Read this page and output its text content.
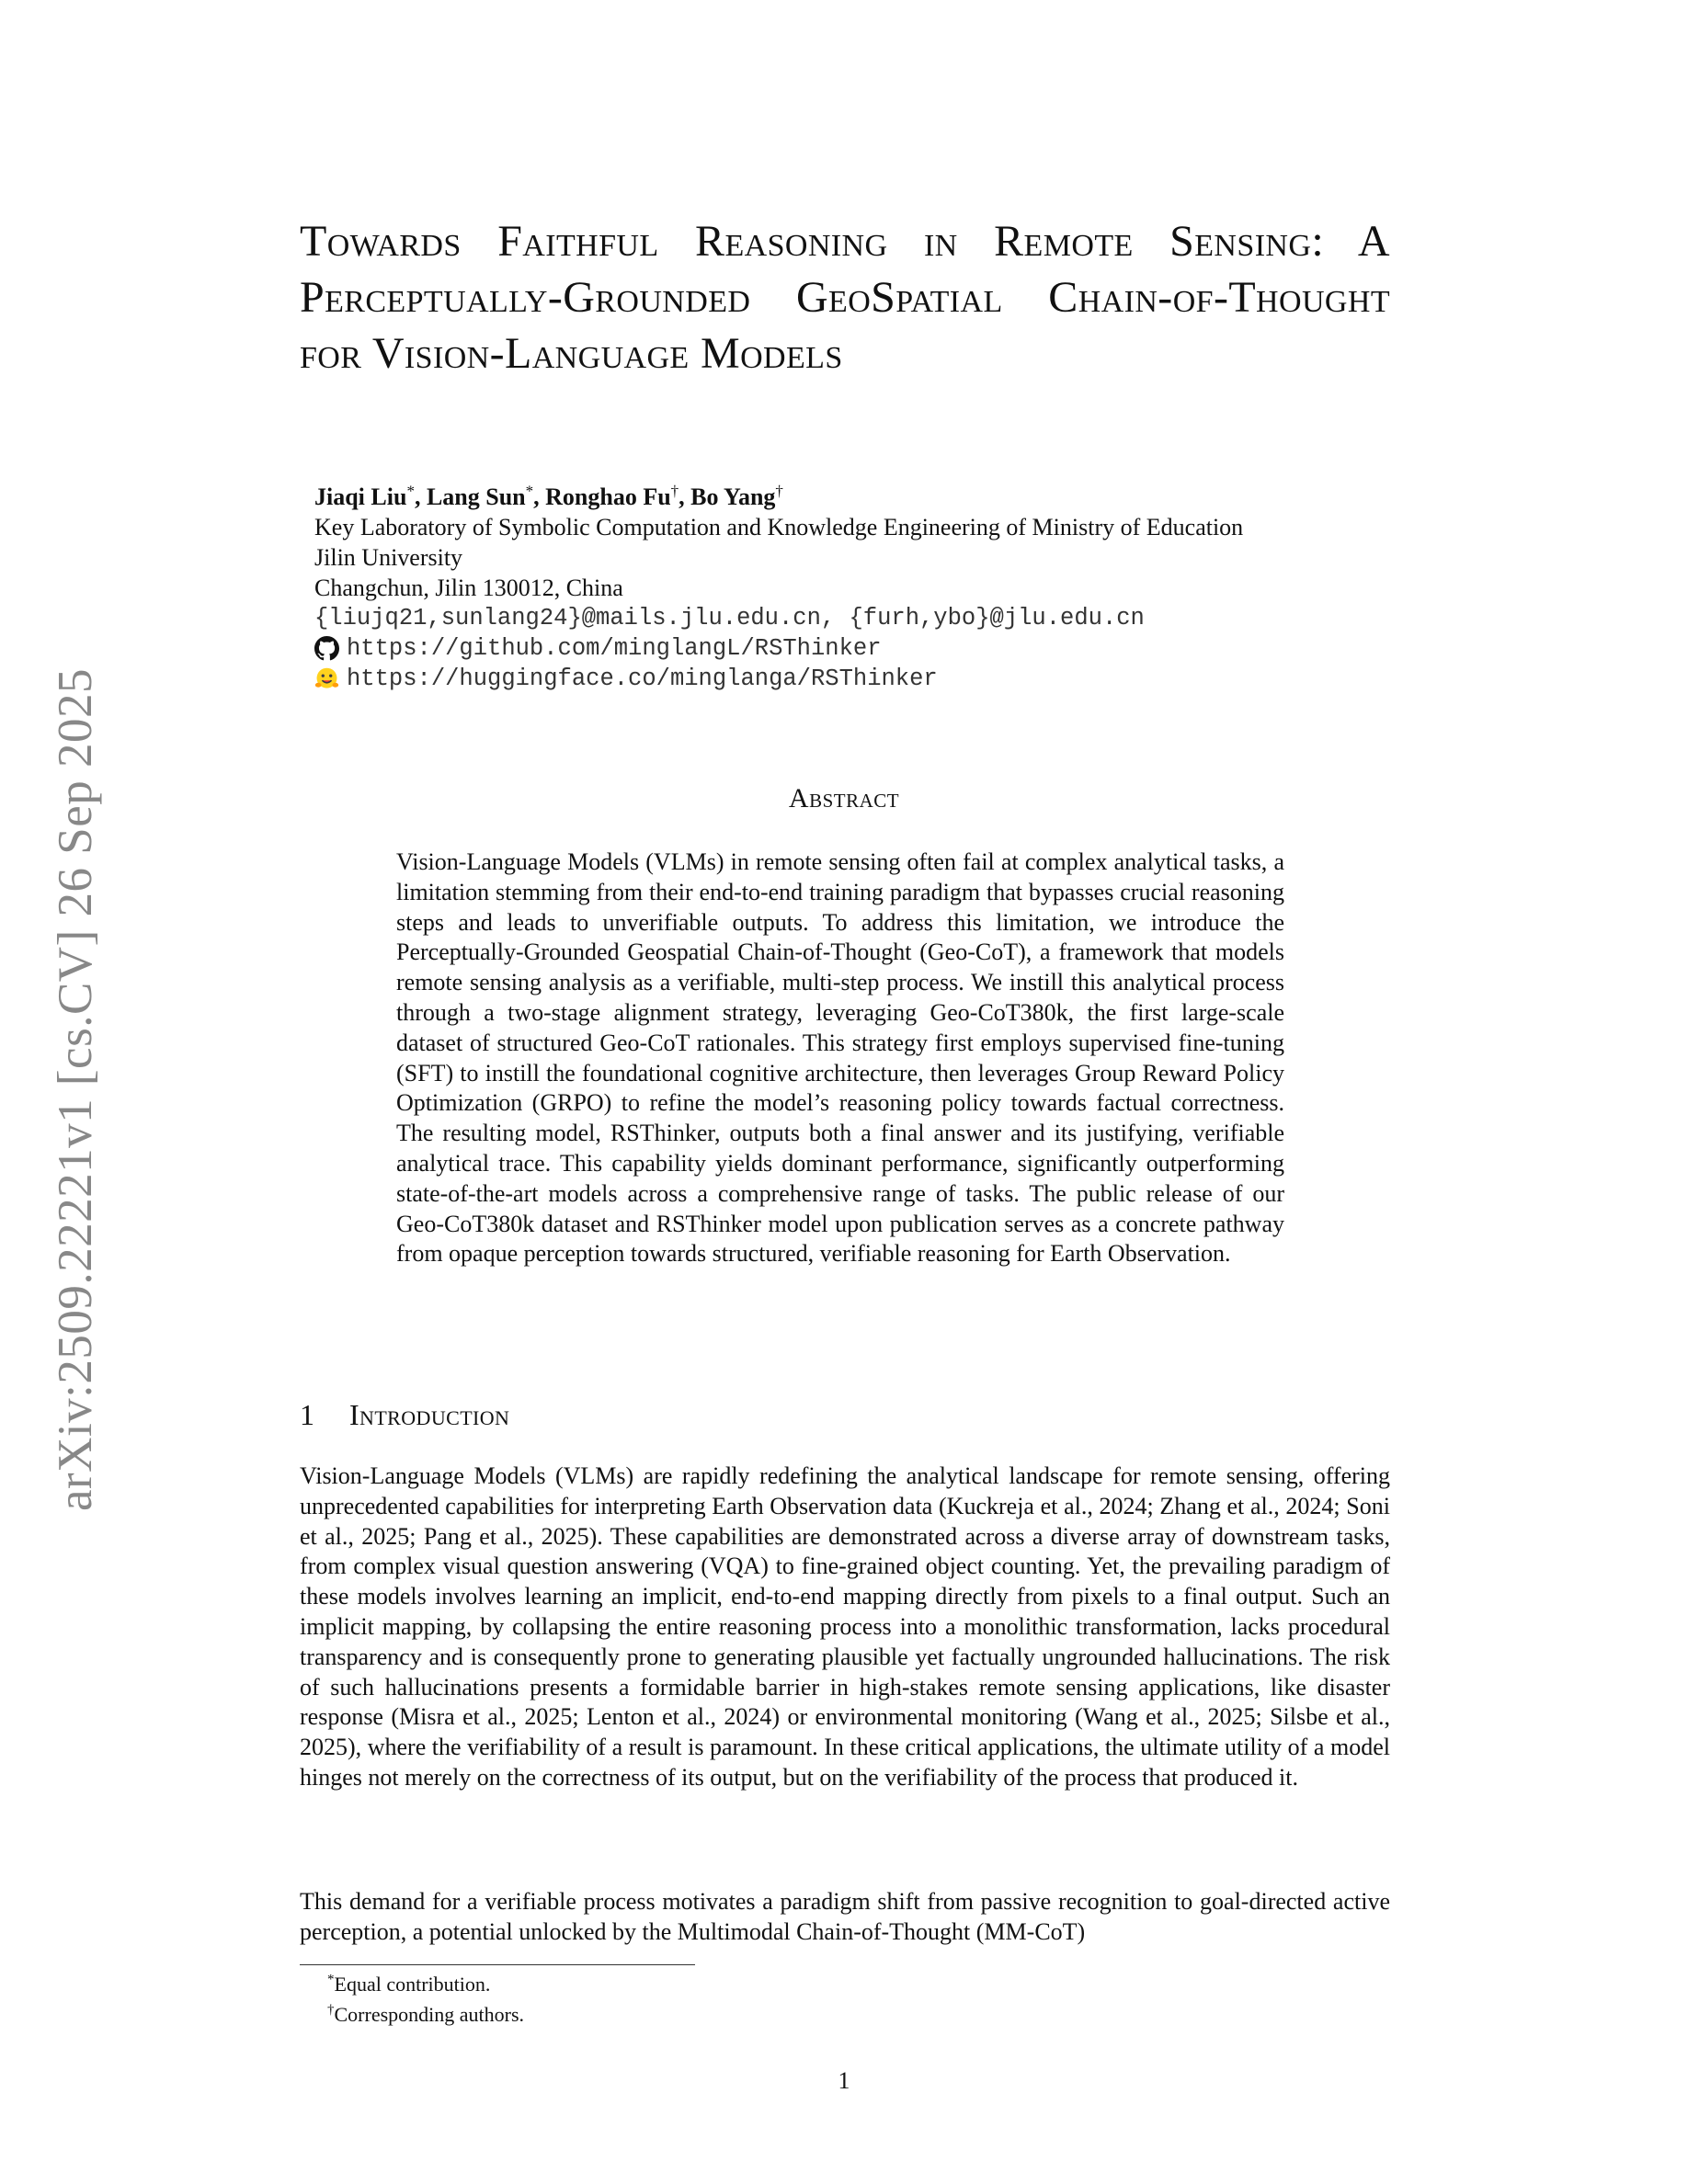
arXiv:2509.22221v1 [cs.CV] 26 Sep 2025
Towards Faithful Reasoning in Remote Sensing: A Perceptually-Grounded GeoSpatial Chain-of-Thought for Vision-Language Models
Jiaqi Liu*, Lang Sun*, Ronghao Fu†, Bo Yang†
Key Laboratory of Symbolic Computation and Knowledge Engineering of Ministry of Education
Jilin University
Changchun, Jilin 130012, China
{liujq21,sunlang24}@mails.jlu.edu.cn, {furh,ybo}@jlu.edu.cn
https://github.com/minglangL/RSThinker
https://huggingface.co/minglanga/RSThinker
Abstract
Vision-Language Models (VLMs) in remote sensing often fail at complex analytical tasks, a limitation stemming from their end-to-end training paradigm that bypasses crucial reasoning steps and leads to unverifiable outputs. To address this limitation, we introduce the Perceptually-Grounded Geospatial Chain-of-Thought (Geo-CoT), a framework that models remote sensing analysis as a verifiable, multi-step process. We instill this analytical process through a two-stage alignment strategy, leveraging Geo-CoT380k, the first large-scale dataset of structured Geo-CoT rationales. This strategy first employs supervised fine-tuning (SFT) to instill the foundational cognitive architecture, then leverages Group Reward Policy Optimization (GRPO) to refine the model’s reasoning policy towards factual correctness. The resulting model, RSThinker, outputs both a final answer and its justifying, verifiable analytical trace. This capability yields dominant performance, significantly outperforming state-of-the-art models across a comprehensive range of tasks. The public release of our Geo-CoT380k dataset and RSThinker model upon publication serves as a concrete pathway from opaque perception towards structured, verifiable reasoning for Earth Observation.
1 Introduction
Vision-Language Models (VLMs) are rapidly redefining the analytical landscape for remote sensing, offering unprecedented capabilities for interpreting Earth Observation data (Kuckreja et al., 2024; Zhang et al., 2024; Soni et al., 2025; Pang et al., 2025). These capabilities are demonstrated across a diverse array of downstream tasks, from complex visual question answering (VQA) to fine-grained object counting. Yet, the prevailing paradigm of these models involves learning an implicit, end-to-end mapping directly from pixels to a final output. Such an implicit mapping, by collapsing the entire reasoning process into a monolithic transformation, lacks procedural transparency and is consequently prone to generating plausible yet factually ungrounded hallucinations. The risk of such hallucinations presents a formidable barrier in high-stakes remote sensing applications, like disaster response (Misra et al., 2025; Lenton et al., 2024) or environmental monitoring (Wang et al., 2025; Silsbe et al., 2025), where the verifiability of a result is paramount. In these critical applications, the ultimate utility of a model hinges not merely on the correctness of its output, but on the verifiability of the process that produced it.
This demand for a verifiable process motivates a paradigm shift from passive recognition to goal-directed active perception, a potential unlocked by the Multimodal Chain-of-Thought (MM-CoT)
*Equal contribution.
†Corresponding authors.
1
